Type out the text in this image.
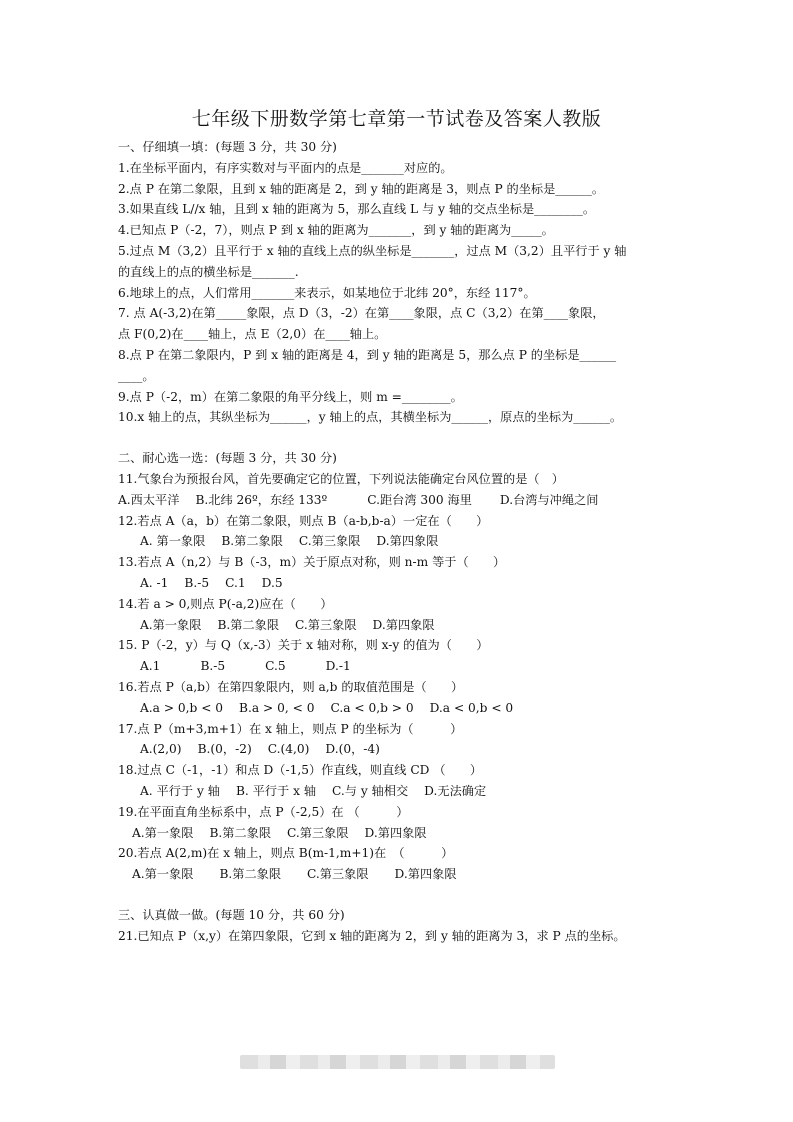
七年级下册数学第七章第一节试卷及答案人教版
一、仔细填一填：(每题 3 分，共 30 分)
1.在坐标平面内，有序实数对与平面内的点是_______对应的。
2.点 P 在第二象限，且到 x 轴的距离是 2，到 y 轴的距离是 3，则点 P 的坐标是______。
3.如果直线 L//x 轴，且到 x 轴的距离为 5，那么直线 L 与 y 轴的交点坐标是________。
4.已知点 P（-2，7），则点 P 到 x 轴的距离为_______，到 y 轴的距离为_____。
5.过点 M（3,2）且平行于 x 轴的直线上点的纵坐标是_______，过点 M（3,2）且平行于 y 轴
的直线上的点的横坐标是_______.
6.地球上的点，人们常用_______来表示，如某地位于北纬 20°，东经 117°。
7. 点 A(-3,2)在第_____象限，点 D（3，-2）在第____象限，点 C（3,2）在第____象限，
点 F(0,2)在____轴上，点 E（2,0）在____轴上。
8.点 P 在第二象限内，P 到 x 轴的距离是 4，到 y 轴的距离是 5，那么点 P 的坐标是______
____。
9.点 P（-2，m）在第二象限的角平分线上，则 m =________。
10.x 轴上的点，其纵坐标为______，y 轴上的点，其横坐标为______，原点的坐标为______。
二、耐心选一选：(每题 3 分，共 30 分)
11.气象台为预报台风，首先要确定它的位置，下列说法能确定台风位置的是（　）
A.西太平洋 B.北纬 26º，东经 133º	C.距台湾 300 海里 D.台湾与冲绳之间
12.若点 A（a，b）在第二象限，则点 B（a-b,b-a）一定在（　　）
A. 第一象限 B.第二象限 C.第三象限 D.第四象限
13.若点 A（n,2）与 B（-3，m）关于原点对称，则 n-m 等于（　　）
A. -1 B.-5 C.1 D.5
14.若 a > 0,则点 P(-a,2)应在（　　）
A.第一象限 B.第二象限 C.第三象限 D.第四象限
15. P（-2，y）与 Q（x,-3）关于 x 轴对称，则 x-y 的值为（　　）
A.1	B.-5	C.5	D.-1
16.若点 P（a,b）在第四象限内，则 a,b 的取值范围是（　　）
A.a > 0,b < 0 B.a > 0, < 0 C.a < 0,b > 0 D.a < 0,b < 0
17.点 P（m+3,m+1）在 x 轴上，则点 P 的坐标为（　　　）
A.(2,0) B.(0，-2) C.(4,0) D.(0，-4)
18.过点 C（-1，-1）和点 D（-1,5）作直线，则直线 CD （　　）
A. 平行于 y 轴 B. 平行于 x 轴 C.与 y 轴相交 D.无法确定
19.在平面直角坐标系中，点 P（-2,5）在 （　　　）
A.第一象限 B.第二象限 C.第三象限 D.第四象限
20.若点 A(2,m)在 x 轴上，则点 B(m-1,m+1)在　（　　　）
A.第一象限 B.第二象限 C.第三象限 D.第四象限
三、认真做一做。(每题 10 分，共 60 分)
21.已知点 P（x,y）在第四象限，它到 x 轴的距离为 2，到 y 轴的距离为 3，求 P 点的坐标。
